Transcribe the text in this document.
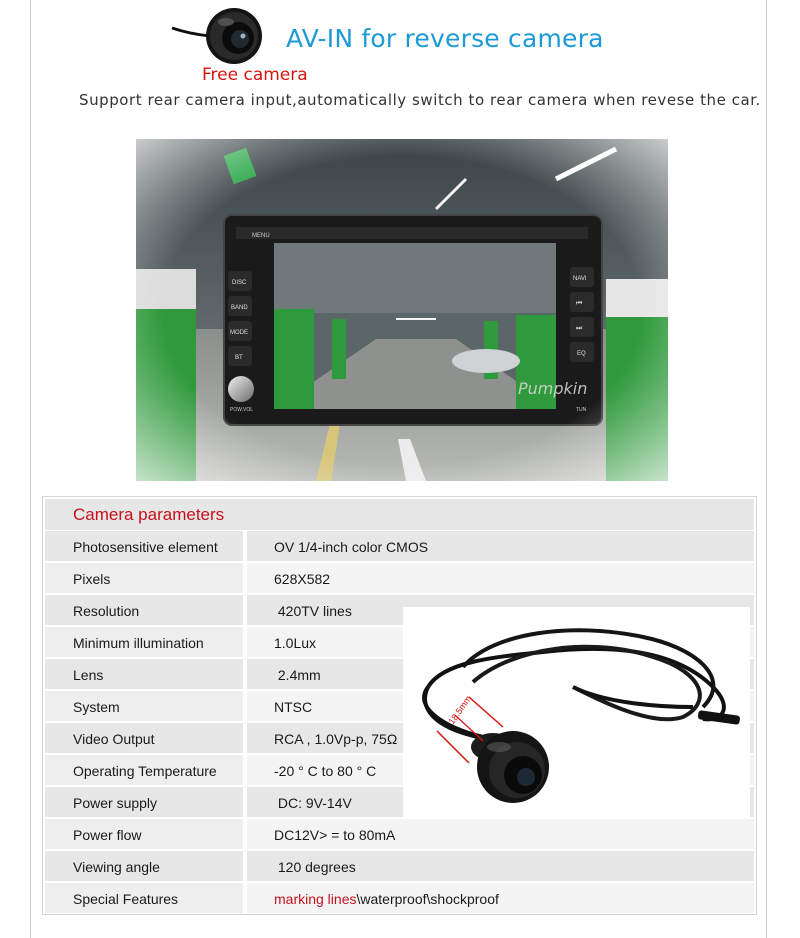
AV-IN for reverse camera
Free camera
Support rear camera input,automatically switch to rear camera when revese the car.
Camera parameters
Photosensitive element	OV 1/4-inch color CMOS
Pixels	628X582
Resolution	420TV lines
Minimum illumination	1.0Lux
Lens	2.4mm
System	NTSC
Video Output	RCA , 1.0Vp-p, 75Ω
Operating Temperature	-20 ° C to 80 ° C
Power supply	DC: 9V-14V
Power flow	DC12V> = to 80mA
Viewing angle	120 degrees
Special Features	marking lines\waterproof\shockproof
18.5mm
